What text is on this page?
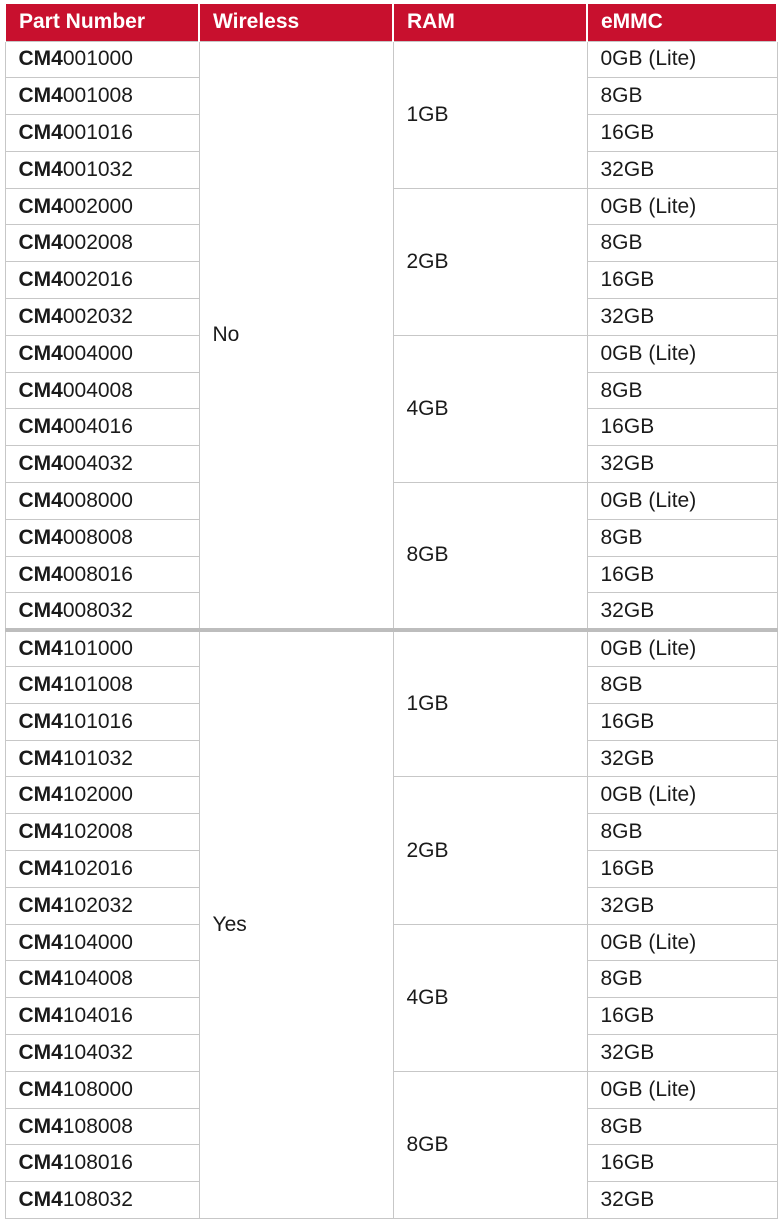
Part Number	Wireless	RAM	eMMC
CM4001000	No	1GB	0GB (Lite)
CM4001008			8GB
CM4001016			16GB
CM4001032			32GB
CM4002000		2GB	0GB (Lite)
CM4002008			8GB
CM4002016			16GB
CM4002032			32GB
CM4004000		4GB	0GB (Lite)
CM4004008			8GB
CM4004016			16GB
CM4004032			32GB
CM4008000		8GB	0GB (Lite)
CM4008008			8GB
CM4008016			16GB
CM4008032			32GB
CM4101000	Yes	1GB	0GB (Lite)
CM4101008			8GB
CM4101016			16GB
CM4101032			32GB
CM4102000		2GB	0GB (Lite)
CM4102008			8GB
CM4102016			16GB
CM4102032			32GB
CM4104000		4GB	0GB (Lite)
CM4104008			8GB
CM4104016			16GB
CM4104032			32GB
CM4108000		8GB	0GB (Lite)
CM4108008			8GB
CM4108016			16GB
CM4108032			32GB
